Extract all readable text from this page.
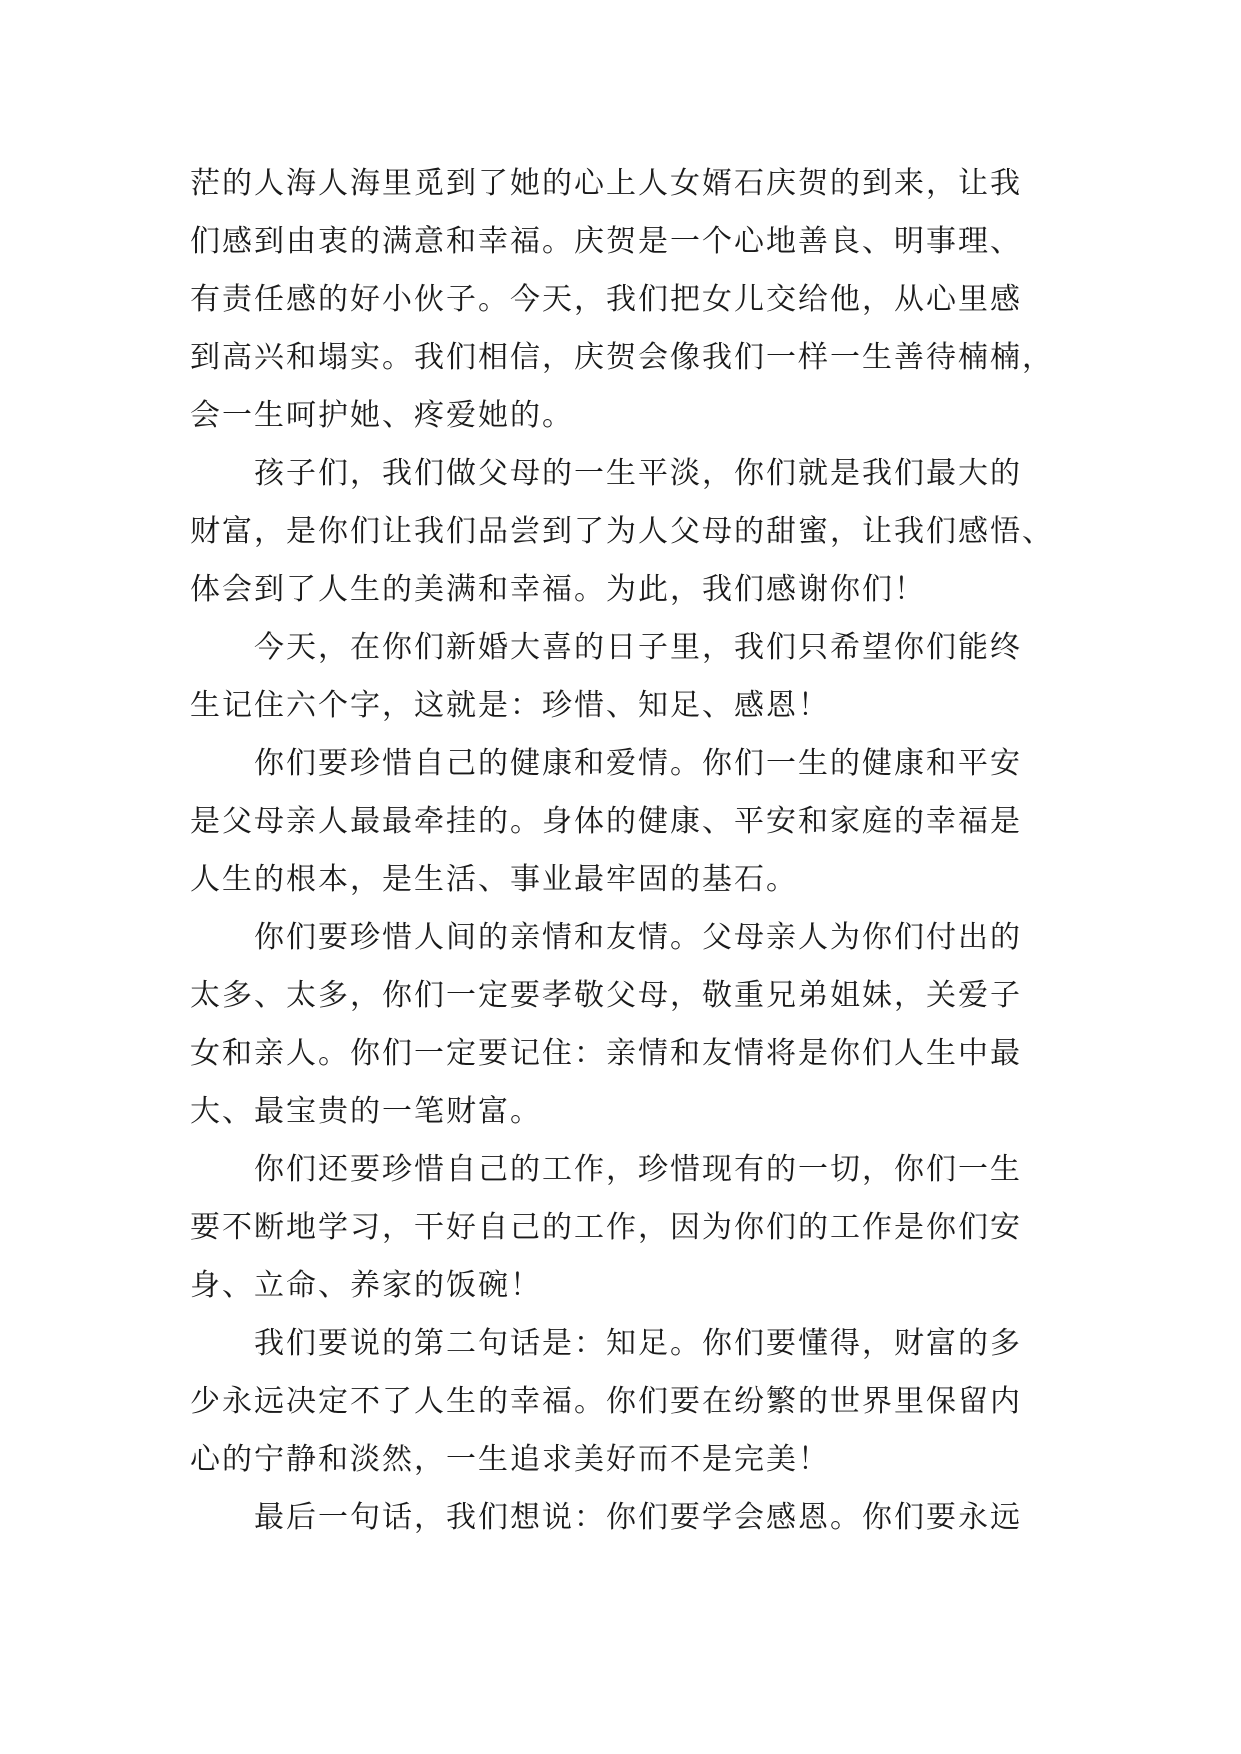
茫的人海人海里觅到了她的心上人女婿石庆贺的到来，让我
们感到由衷的满意和幸福。庆贺是一个心地善良、明事理、
有责任感的好小伙子。今天，我们把女儿交给他，从心里感
到高兴和塌实。我们相信，庆贺会像我们一样一生善待楠楠，
会一生呵护她、疼爱她的。
　　孩子们，我们做父母的一生平淡，你们就是我们最大的
财富，是你们让我们品尝到了为人父母的甜蜜，让我们感悟、
体会到了人生的美满和幸福。为此，我们感谢你们！
　　今天，在你们新婚大喜的日子里，我们只希望你们能终
生记住六个字，这就是：珍惜、知足、感恩！
　　你们要珍惜自己的健康和爱情。你们一生的健康和平安
是父母亲人最最牵挂的。身体的健康、平安和家庭的幸福是
人生的根本，是生活、事业最牢固的基石。
　　你们要珍惜人间的亲情和友情。父母亲人为你们付出的
太多、太多，你们一定要孝敬父母，敬重兄弟姐妹，关爱子
女和亲人。你们一定要记住：亲情和友情将是你们人生中最
大、最宝贵的一笔财富。
　　你们还要珍惜自己的工作，珍惜现有的一切，你们一生
要不断地学习，干好自己的工作，因为你们的工作是你们安
身、立命、养家的饭碗！
　　我们要说的第二句话是：知足。你们要懂得，财富的多
少永远决定不了人生的幸福。你们要在纷繁的世界里保留内
心的宁静和淡然，一生追求美好而不是完美！
　　最后一句话，我们想说：你们要学会感恩。你们要永远
